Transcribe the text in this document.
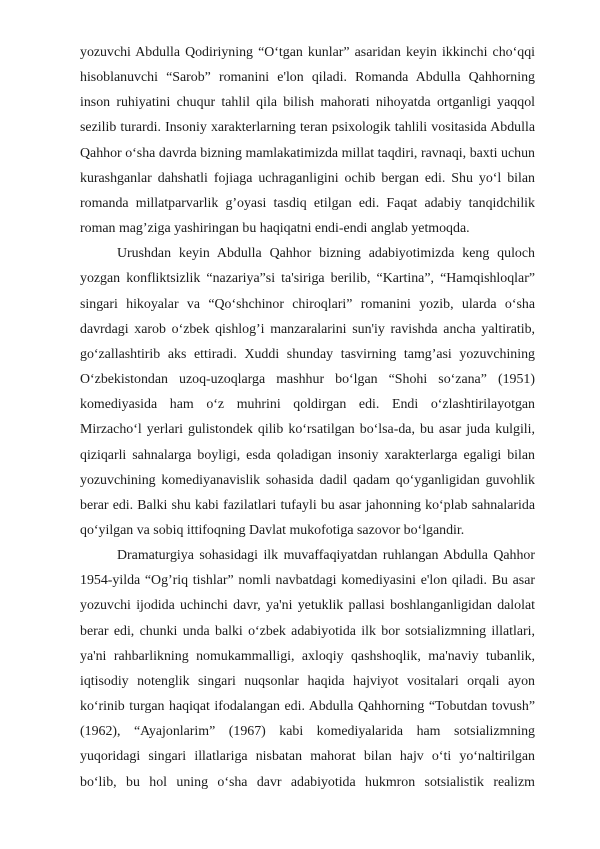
yozuvchi Abdulla Qodiriyning “O‘tgan kunlar” asaridan keyin ikkinchi cho‘qqi hisoblanuvchi “Sarob” romanini e'lon qiladi. Romanda Abdulla Qahhorning inson ruhiyatini chuqur tahlil qila bilish mahorati nihoyatda ortganligi yaqqol sezilib turardi. Insoniy xarakterlarning teran psixologik tahlili vositasida Abdulla Qahhor o‘sha davrda bizning mamlakatimizda millat taqdiri, ravnaqi, baxti uchun kurashganlar dahshatli fojiaga uchraganligini ochib bergan edi. Shu yo‘l bilan romanda millatparvarlik g’oyasi tasdiq etilgan edi. Faqat adabiy tanqidchilik roman mag’ziga yashiringan bu haqiqatni endi-endi anglab yetmoqda.

Urushdan keyin Abdulla Qahhor bizning adabiyotimizda keng quloch yozgan konfliktsizlik “nazariya”si ta'siriga berilib, “Kartina”, “Hamqishloqlar” singari hikoyalar va “Qo‘shchinor chiroqlari” romanini yozib, ularda o‘sha davrdagi xarob o‘zbek qishlog’i manzaralarini sun'iy ravishda ancha yaltiratib, go‘zallashtirib aks ettiradi. Xuddi shunday tasvirning tamg’asi yozuvchining O‘zbekistondan uzoq-uzoqlarga mashhur bo‘lgan “Shohi so‘zana” (1951) komediyasida ham o‘z muhrini qoldirgan edi. Endi o‘zlashtirilayotgan Mirzacho‘l yerlari gulistondek qilib ko‘rsatilgan bo‘lsa-da, bu asar juda kulgili, qiziqarli sahnalarga boyligi, esda qoladigan insoniy xarakterlarga egaligi bilan yozuvchining komediyanavislik sohasida dadil qadam qo‘yganligidan guvohlik berar edi. Balki shu kabi fazilatlari tufayli bu asar jahonning ko‘plab sahnalarida qo‘yilgan va sobiq ittifoqning Davlat mukofotiga sazovor bo‘lgandir.

Dramaturgiya sohasidagi ilk muvaffaqiyatdan ruhlangan Abdulla Qahhor 1954-yilda “Og’riq tishlar” nomli navbatdagi komediyasini e'lon qiladi. Bu asar yozuvchi ijodida uchinchi davr, ya'ni yetuklik pallasi boshlanganligidan dalolat berar edi, chunki unda balki o‘zbek adabiyotida ilk bor sotsializmning illatlari, ya'ni rahbarlikning nomukammalligi, axloqiy qashshoqlik, ma'naviy tubanlik, iqtisodiy notenglik singari nuqsonlar haqida hajviyot vositalari orqali ayon ko‘rinib turgan haqiqat ifodalangan edi. Abdulla Qahhorning “Tobutdan tovush” (1962), “Ayajonlarim” (1967) kabi komediyalarida ham sotsializmning yuqoridagi singari illatlariga nisbatan mahorat bilan hajv o‘ti yo‘naltirilgan bo‘lib, bu hol uning o‘sha davr adabiyotida hukmron sotsialistik realizm
